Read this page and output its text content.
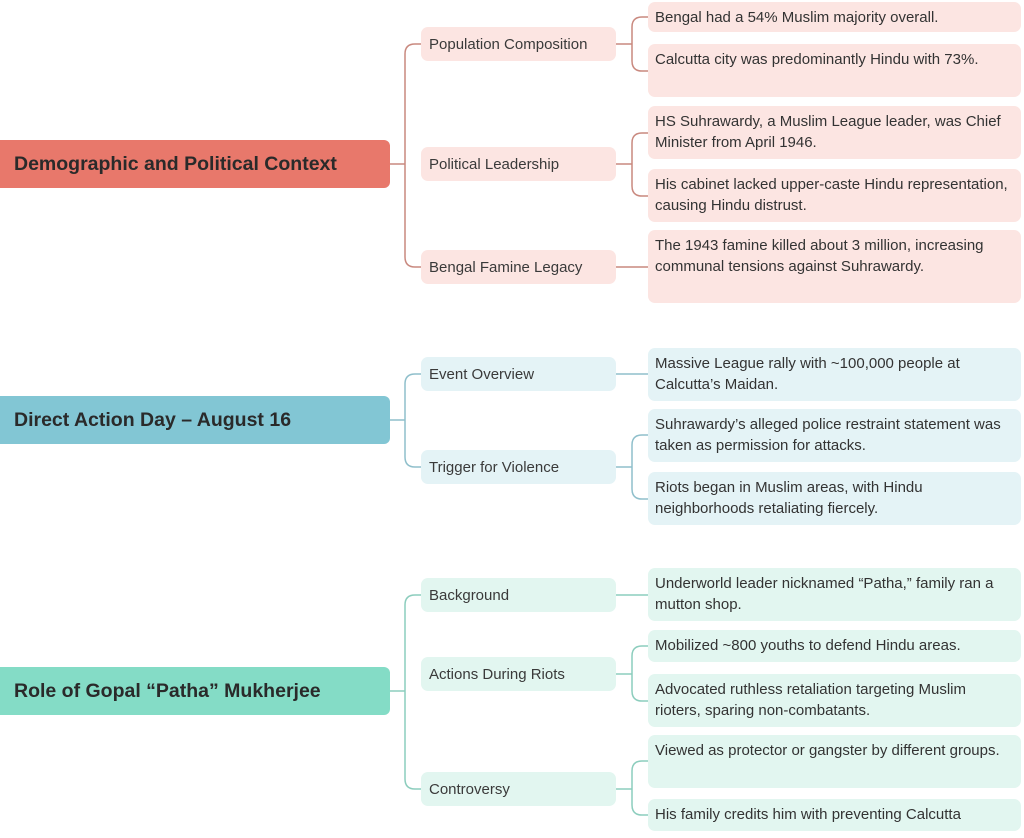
Demographic and Political Context
Population Composition
Political Leadership
Bengal Famine Legacy
Bengal had a 54% Muslim majority overall.
Calcutta city was predominantly Hindu with 73%.
HS Suhrawardy, a Muslim League leader, was Chief Minister from April 1946.
His cabinet lacked upper-caste Hindu representation, causing Hindu distrust.
The 1943 famine killed about 3 million, increasing communal tensions against Suhrawardy.
Direct Action Day – August 16
Event Overview
Trigger for Violence
Massive League rally with ~100,000 people at Calcutta’s Maidan.
Suhrawardy’s alleged police restraint statement was taken as permission for attacks.
Riots began in Muslim areas, with Hindu neighborhoods retaliating fiercely.
Role of Gopal “Patha” Mukherjee
Background
Actions During Riots
Controversy
Underworld leader nicknamed “Patha,” family ran a mutton shop.
Mobilized ~800 youths to defend Hindu areas.
Advocated ruthless retaliation targeting Muslim rioters, sparing non-combatants.
Viewed as protector or gangster by different groups.
His family credits him with preventing Calcutta
